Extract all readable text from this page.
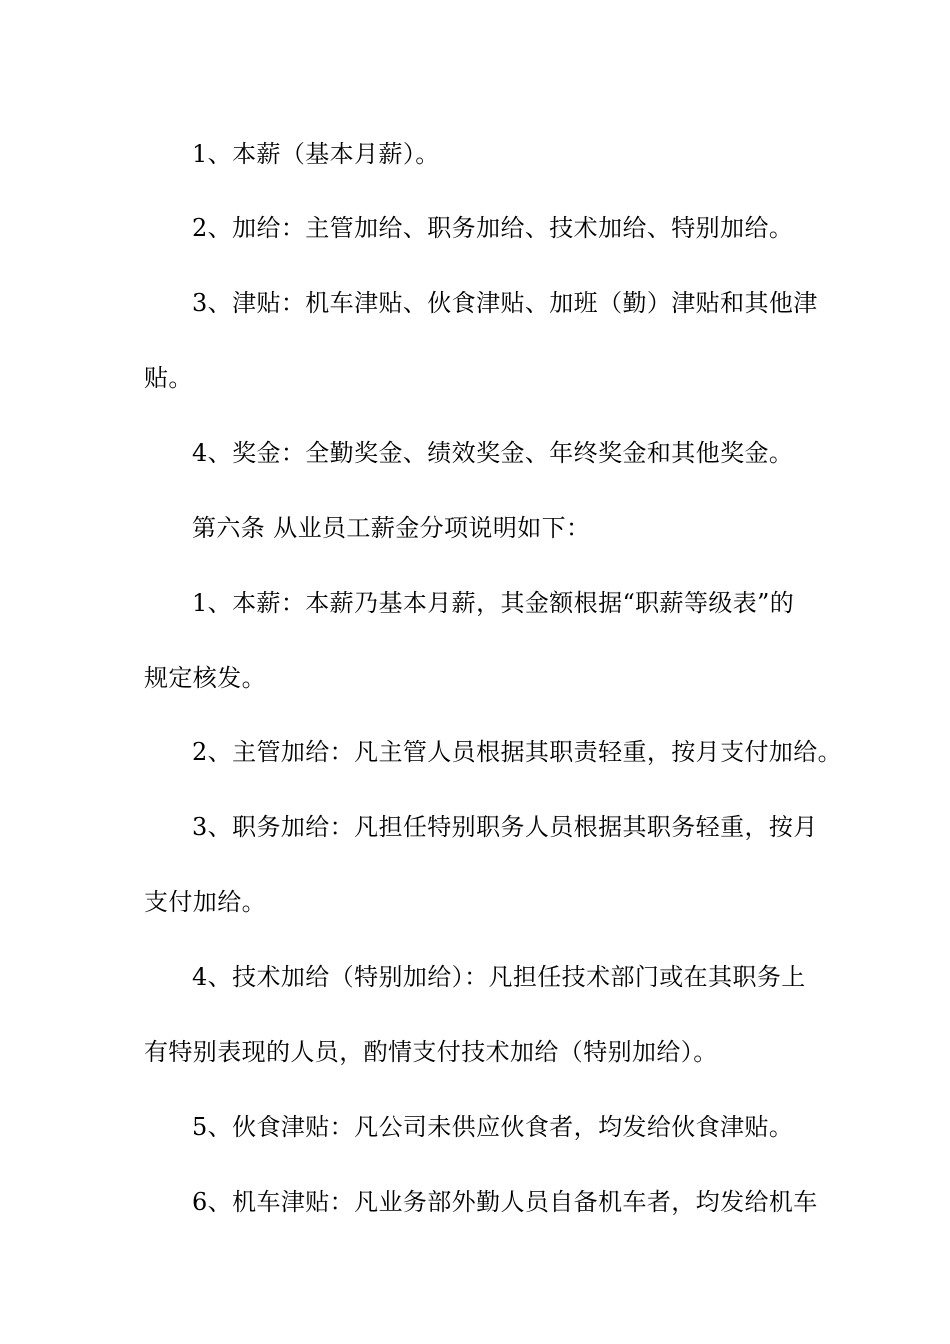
1、本薪（基本月薪）。
2、加给：主管加给、职务加给、技术加给、特别加给。
3、津贴：机车津贴、伙食津贴、加班（勤）津贴和其他津
贴。
4、奖金：全勤奖金、绩效奖金、年终奖金和其他奖金。
第六条 从业员工薪金分项说明如下：
1、本薪：本薪乃基本月薪，其金额根据“职薪等级表”的
规定核发。
2、主管加给：凡主管人员根据其职责轻重，按月支付加给。
3、职务加给：凡担任特别职务人员根据其职务轻重，按月
支付加给。
4、技术加给（特别加给）：凡担任技术部门或在其职务上
有特别表现的人员，酌情支付技术加给（特别加给）。
5、伙食津贴：凡公司未供应伙食者，均发给伙食津贴。
6、机车津贴：凡业务部外勤人员自备机车者，均发给机车
